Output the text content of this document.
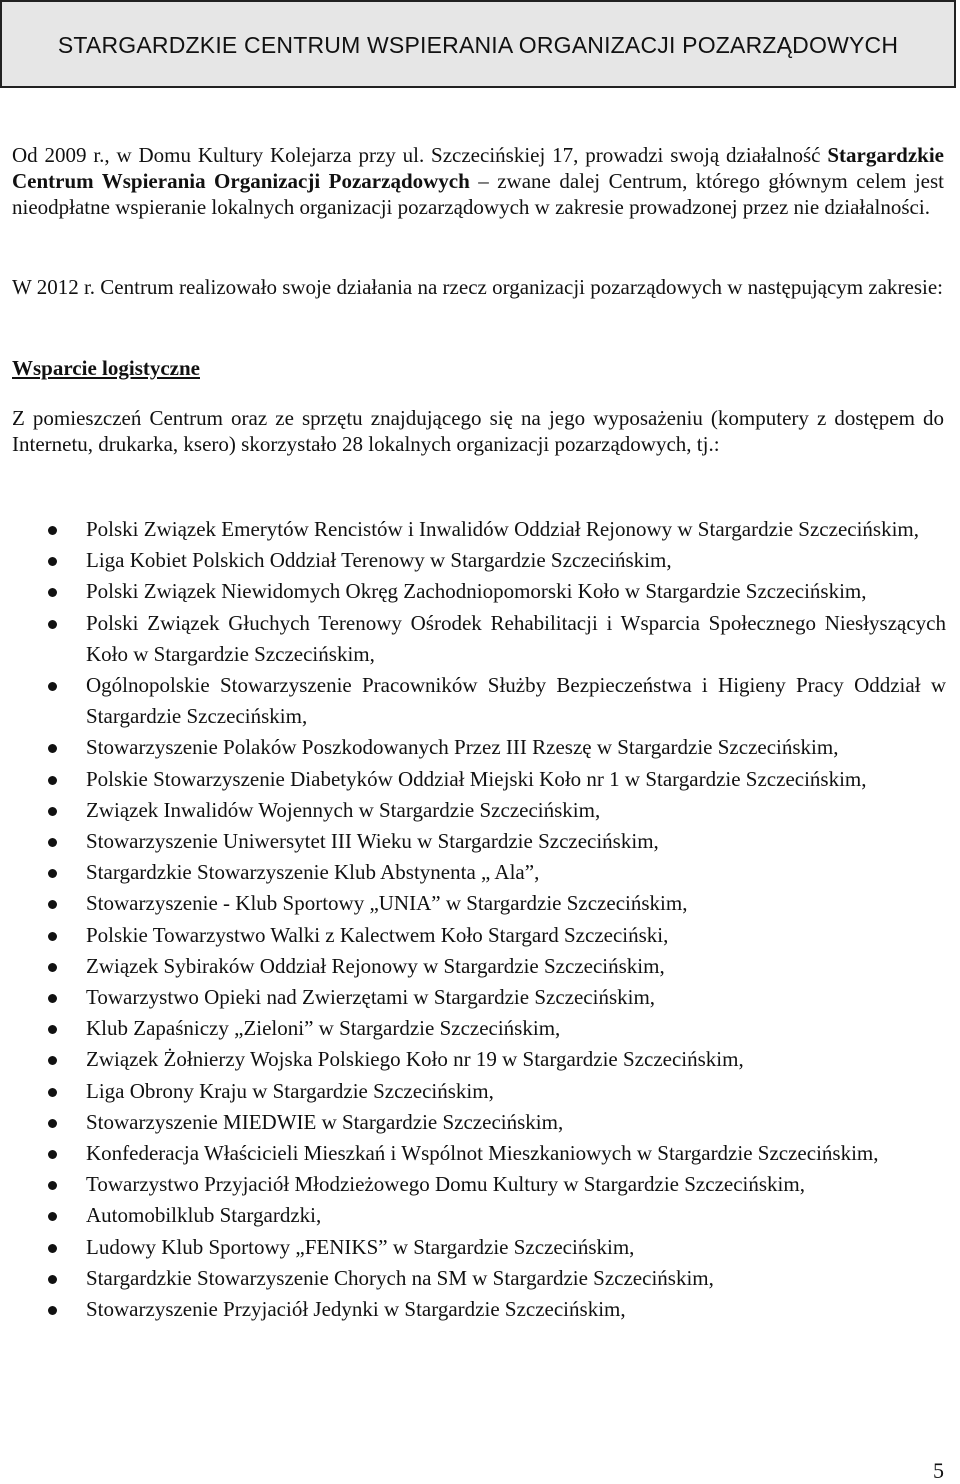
STARGARDZKIE CENTRUM WSPIERANIA ORGANIZACJI POZARZĄDOWYCH
Od 2009 r., w Domu Kultury Kolejarza przy ul. Szczecińskiej 17, prowadzi swoją działalność Stargardzkie Centrum Wspierania Organizacji Pozarządowych – zwane dalej Centrum, którego głównym celem jest nieodpłatne wspieranie lokalnych organizacji pozarządowych w zakresie prowadzonej przez nie działalności.
W 2012 r. Centrum realizowało swoje działania na rzecz organizacji pozarządowych w następującym zakresie:
Wsparcie logistyczne
Z pomieszczeń Centrum oraz ze sprzętu znajdującego się na jego wyposażeniu (komputery z dostępem do Internetu, drukarka, ksero) skorzystało 28 lokalnych organizacji pozarządowych, tj.:
Polski Związek Emerytów Rencistów i Inwalidów Oddział Rejonowy w Stargardzie Szczecińskim,
Liga Kobiet Polskich Oddział Terenowy w Stargardzie Szczecińskim,
Polski Związek Niewidomych Okręg Zachodniopomorski Koło w Stargardzie Szczecińskim,
Polski Związek Głuchych Terenowy Ośrodek Rehabilitacji i Wsparcia Społecznego Niesłyszących Koło w Stargardzie Szczecińskim,
Ogólnopolskie Stowarzyszenie Pracowników Służby Bezpieczeństwa i Higieny Pracy Oddział w Stargardzie Szczecińskim,
Stowarzyszenie Polaków Poszkodowanych Przez III Rzeszę w Stargardzie Szczecińskim,
Polskie Stowarzyszenie Diabetyków Oddział Miejski Koło nr 1 w Stargardzie Szczecińskim,
Związek Inwalidów Wojennych w Stargardzie Szczecińskim,
Stowarzyszenie Uniwersytet III Wieku w Stargardzie Szczecińskim,
Stargardzkie Stowarzyszenie Klub Abstynenta „ Ala”,
Stowarzyszenie - Klub Sportowy „UNIA” w Stargardzie Szczecińskim,
Polskie Towarzystwo Walki z Kalectwem Koło Stargard Szczeciński,
Związek Sybiraków Oddział Rejonowy w Stargardzie Szczecińskim,
Towarzystwo Opieki nad Zwierzętami w Stargardzie Szczecińskim,
Klub Zapaśniczy „Zieloni” w Stargardzie Szczecińskim,
Związek Żołnierzy Wojska Polskiego Koło nr 19 w Stargardzie Szczecińskim,
Liga Obrony Kraju w Stargardzie Szczecińskim,
Stowarzyszenie MIEDWIE w Stargardzie Szczecińskim,
Konfederacja Właścicieli Mieszkań i Wspólnot Mieszkaniowych w Stargardzie Szczecińskim,
Towarzystwo Przyjaciół Młodzieżowego Domu Kultury w Stargardzie Szczecińskim,
Automobilklub Stargardzki,
Ludowy Klub Sportowy „FENIKS” w Stargardzie Szczecińskim,
Stargardzkie Stowarzyszenie Chorych na SM w Stargardzie Szczecińskim,
Stowarzyszenie Przyjaciół Jedynki w Stargardzie Szczecińskim,
5
